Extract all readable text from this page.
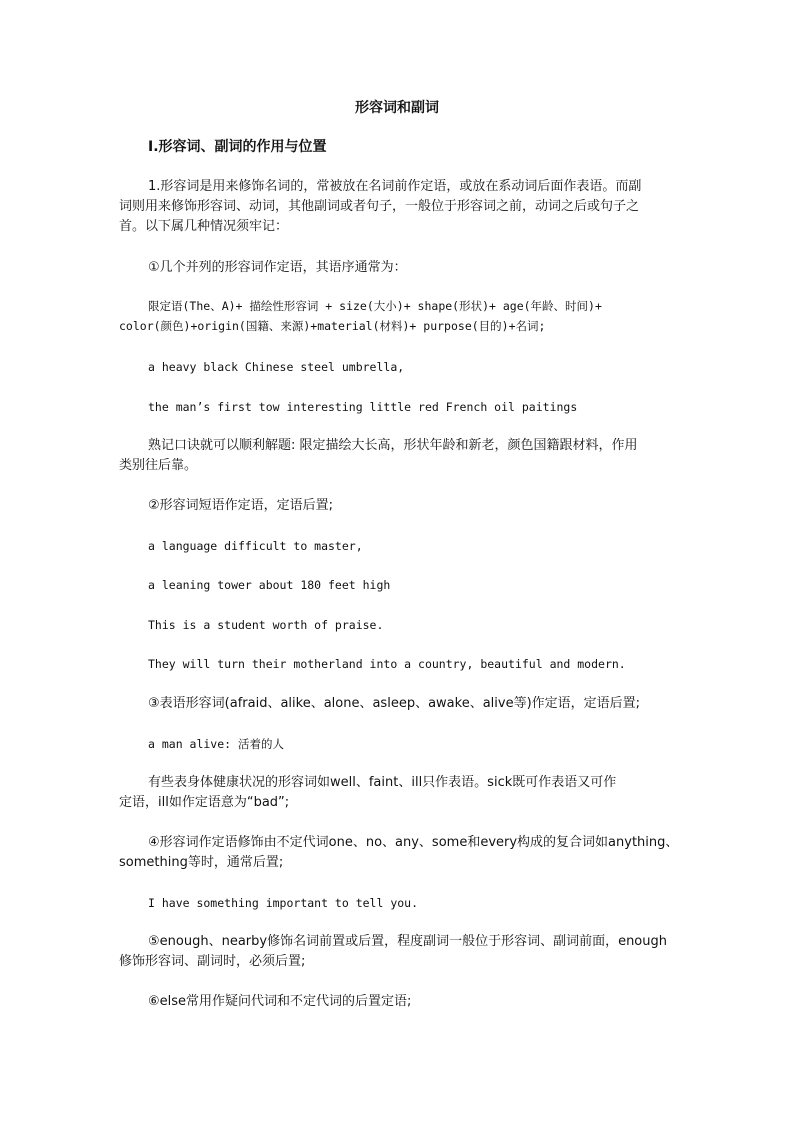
形容词和副词
I.形容词、副词的作用与位置
1.形容词是用来修饰名词的，常被放在名词前作定语，或放在系动词后面作表语。而副
词则用来修饰形容词、动词，其他副词或者句子，一般位于形容词之前，动词之后或句子之
首。以下属几种情况须牢记：
①几个并列的形容词作定语，其语序通常为：
限定语(The、A)+ 描绘性形容词 + size(大小)+ shape(形状)+ age(年龄、时间)+
color(颜色)+origin(国籍、来源)+material(材料)+ purpose(目的)+名词;
a heavy black Chinese steel umbrella,
the man’s first tow interesting little red French oil paitings
熟记口诀就可以顺利解题: 限定描绘大长高，形状年龄和新老，颜色国籍跟材料，作用
类别往后靠。
②形容词短语作定语，定语后置;
a language difficult to master,
a leaning tower about 180 feet high
This is a student worth of praise.
They will turn their motherland into a country, beautiful and modern.
③表语形容词(afraid、alike、alone、asleep、awake、alive等)作定语，定语后置;
a man alive: 活着的人
有些表身体健康状况的形容词如well、faint、ill只作表语。sick既可作表语又可作
定语，ill如作定语意为“bad”;
④形容词作定语修饰由不定代词one、no、any、some和every构成的复合词如anything、
something等时，通常后置;
I have something important to tell you.
⑤enough、nearby修饰名词前置或后置，程度副词一般位于形容词、副词前面，enough
修饰形容词、副词时，必须后置;
⑥else常用作疑问代词和不定代词的后置定语;
